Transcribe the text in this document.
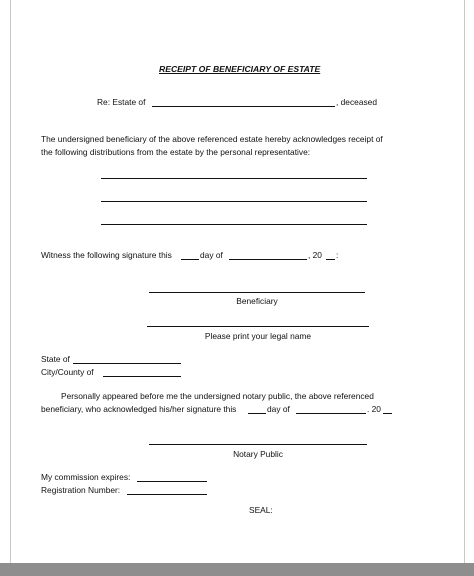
RECEIPT OF BENEFICIARY OF ESTATE
Re: Estate of	, deceased
The undersigned beneficiary of the above referenced estate hereby acknowledges receipt of
the following distributions from the estate by the personal representative:
Witness the following signature this	day of	, 20 :
Beneficiary
Please print your legal name
State of
City/County of
Personally appeared before me the undersigned notary public, the above referenced
beneficiary, who acknowledged his/her signature this	day of	. 20
Notary Public
My commission expires:
Registration Number:
SEAL:
